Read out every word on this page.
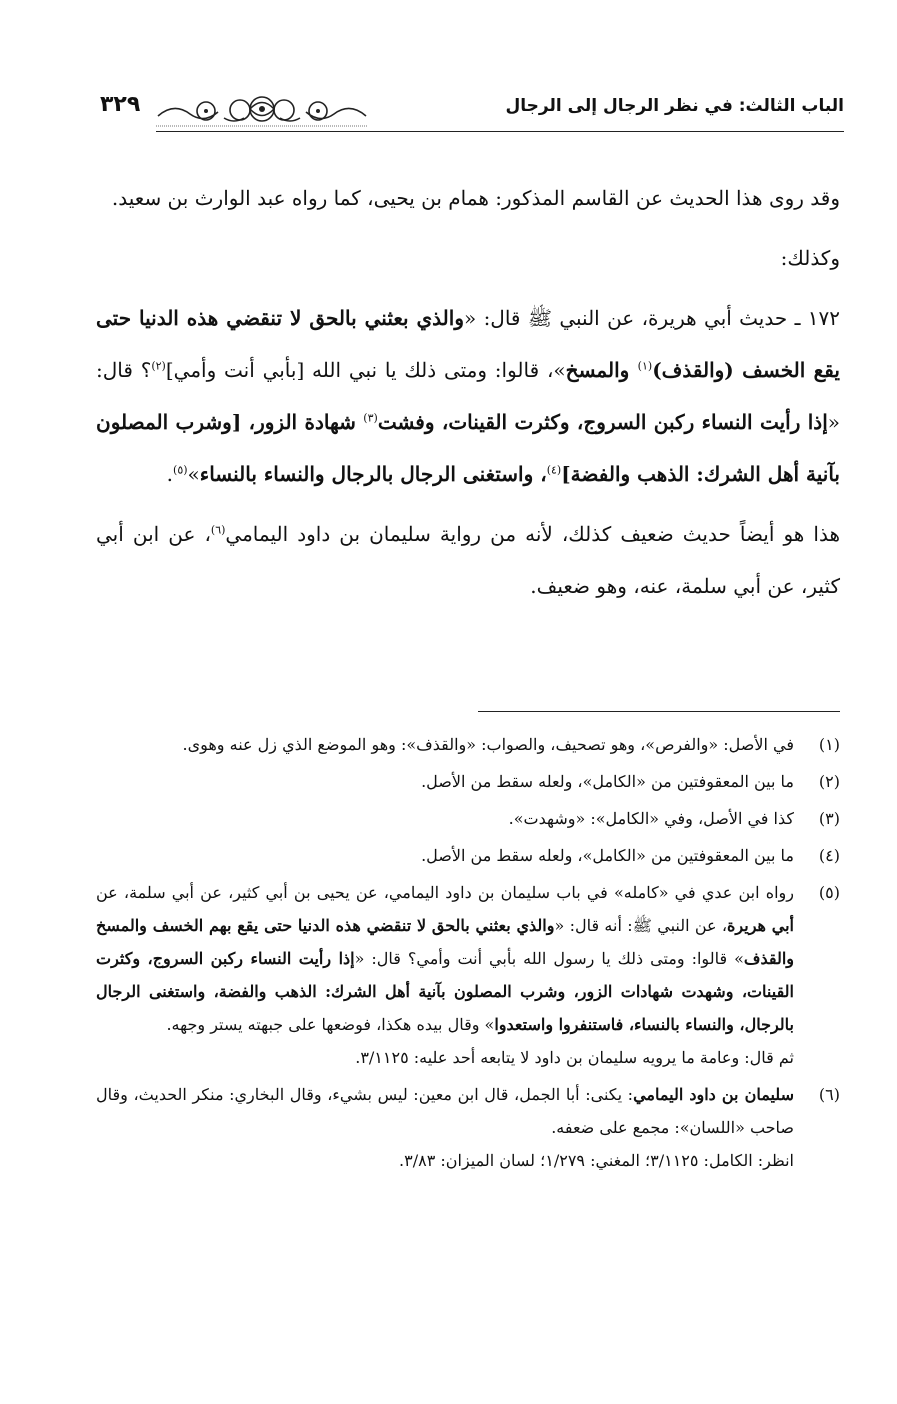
الباب الثالث: في نظر الرجال إلى الرجال
٣٢٩

وقد روى هذا الحديث عن القاسم المذكور: همام بن يحيى، كما رواه عبد الوارث بن سعيد.

وكذلك:

١٧٢ ـ حديث أبي هريرة، عن النبي ﷺ قال: «والذي بعثني بالحق لا تنقضي هذه الدنيا حتى يقع الخسف (والقذف)$^{(١)}$ والمسخ»، قالوا: ومتى ذلك يا نبي الله [بأبي أنت وأمي]$^{(٢)}$؟ قال: «إذا رأيت النساء ركبن السروج، وكثرت القينات، وفشت$^{(٣)}$ شهادة الزور، [وشرب المصلون بآنية أهل الشرك: الذهب والفضة]$^{(٤)}$، واستغنى الرجال بالرجال والنساء بالنساء»$^{(٥)}$.

هذا هو أيضاً حديث ضعيف كذلك، لأنه من رواية سليمان بن داود اليمامي$^{(٦)}$، عن ابن أبي كثير، عن أبي سلمة، عنه، وهو ضعيف.

(١)
في الأصل: «والفرص»، وهو تصحيف، والصواب: «والقذف»: وهو الموضع الذي زل عنه وهوى.
(٢)
ما بين المعقوفتين من «الكامل»، ولعله سقط من الأصل.
(٣)
كذا في الأصل، وفي «الكامل»: «وشهدت».
(٤)
ما بين المعقوفتين من «الكامل»، ولعله سقط من الأصل.
(٥)

رواه ابن عدي في «كامله» في باب سليمان بن داود اليمامي، عن يحيى بن أبي كثير، عن أبي سلمة، عن أبي هريرة، عن النبي ﷺ: أنه قال: «والذي بعثني بالحق لا تنقضي هذه الدنيا حتى يقع بهم الخسف والمسخ والقذف» قالوا: ومتى ذلك يا رسول الله بأبي أنت وأمي؟ قال: «إذا رأيت النساء ركبن السروج، وكثرت القينات، وشهدت شهادات الزور، وشرب المصلون بآنية أهل الشرك: الذهب والفضة، واستغنى الرجال بالرجال، والنساء بالنساء، فاستنفروا واستعدوا» وقال بيده هكذا، فوضعها على جبهته يستر وجهه.

ثم قال: وعامة ما يرويه سليمان بن داود لا يتابعه أحد عليه: ٣/١١٢٥.

(٦)

سليمان بن داود اليمامي: يكنى: أبا الجمل، قال ابن معين: ليس بشيء، وقال البخاري: منكر الحديث، وقال صاحب «اللسان»: مجمع على ضعفه.

انظر: الكامل: ٣/١١٢٥؛ المغني: ١/٢٧٩؛ لسان الميزان: ٣/٨٣.
